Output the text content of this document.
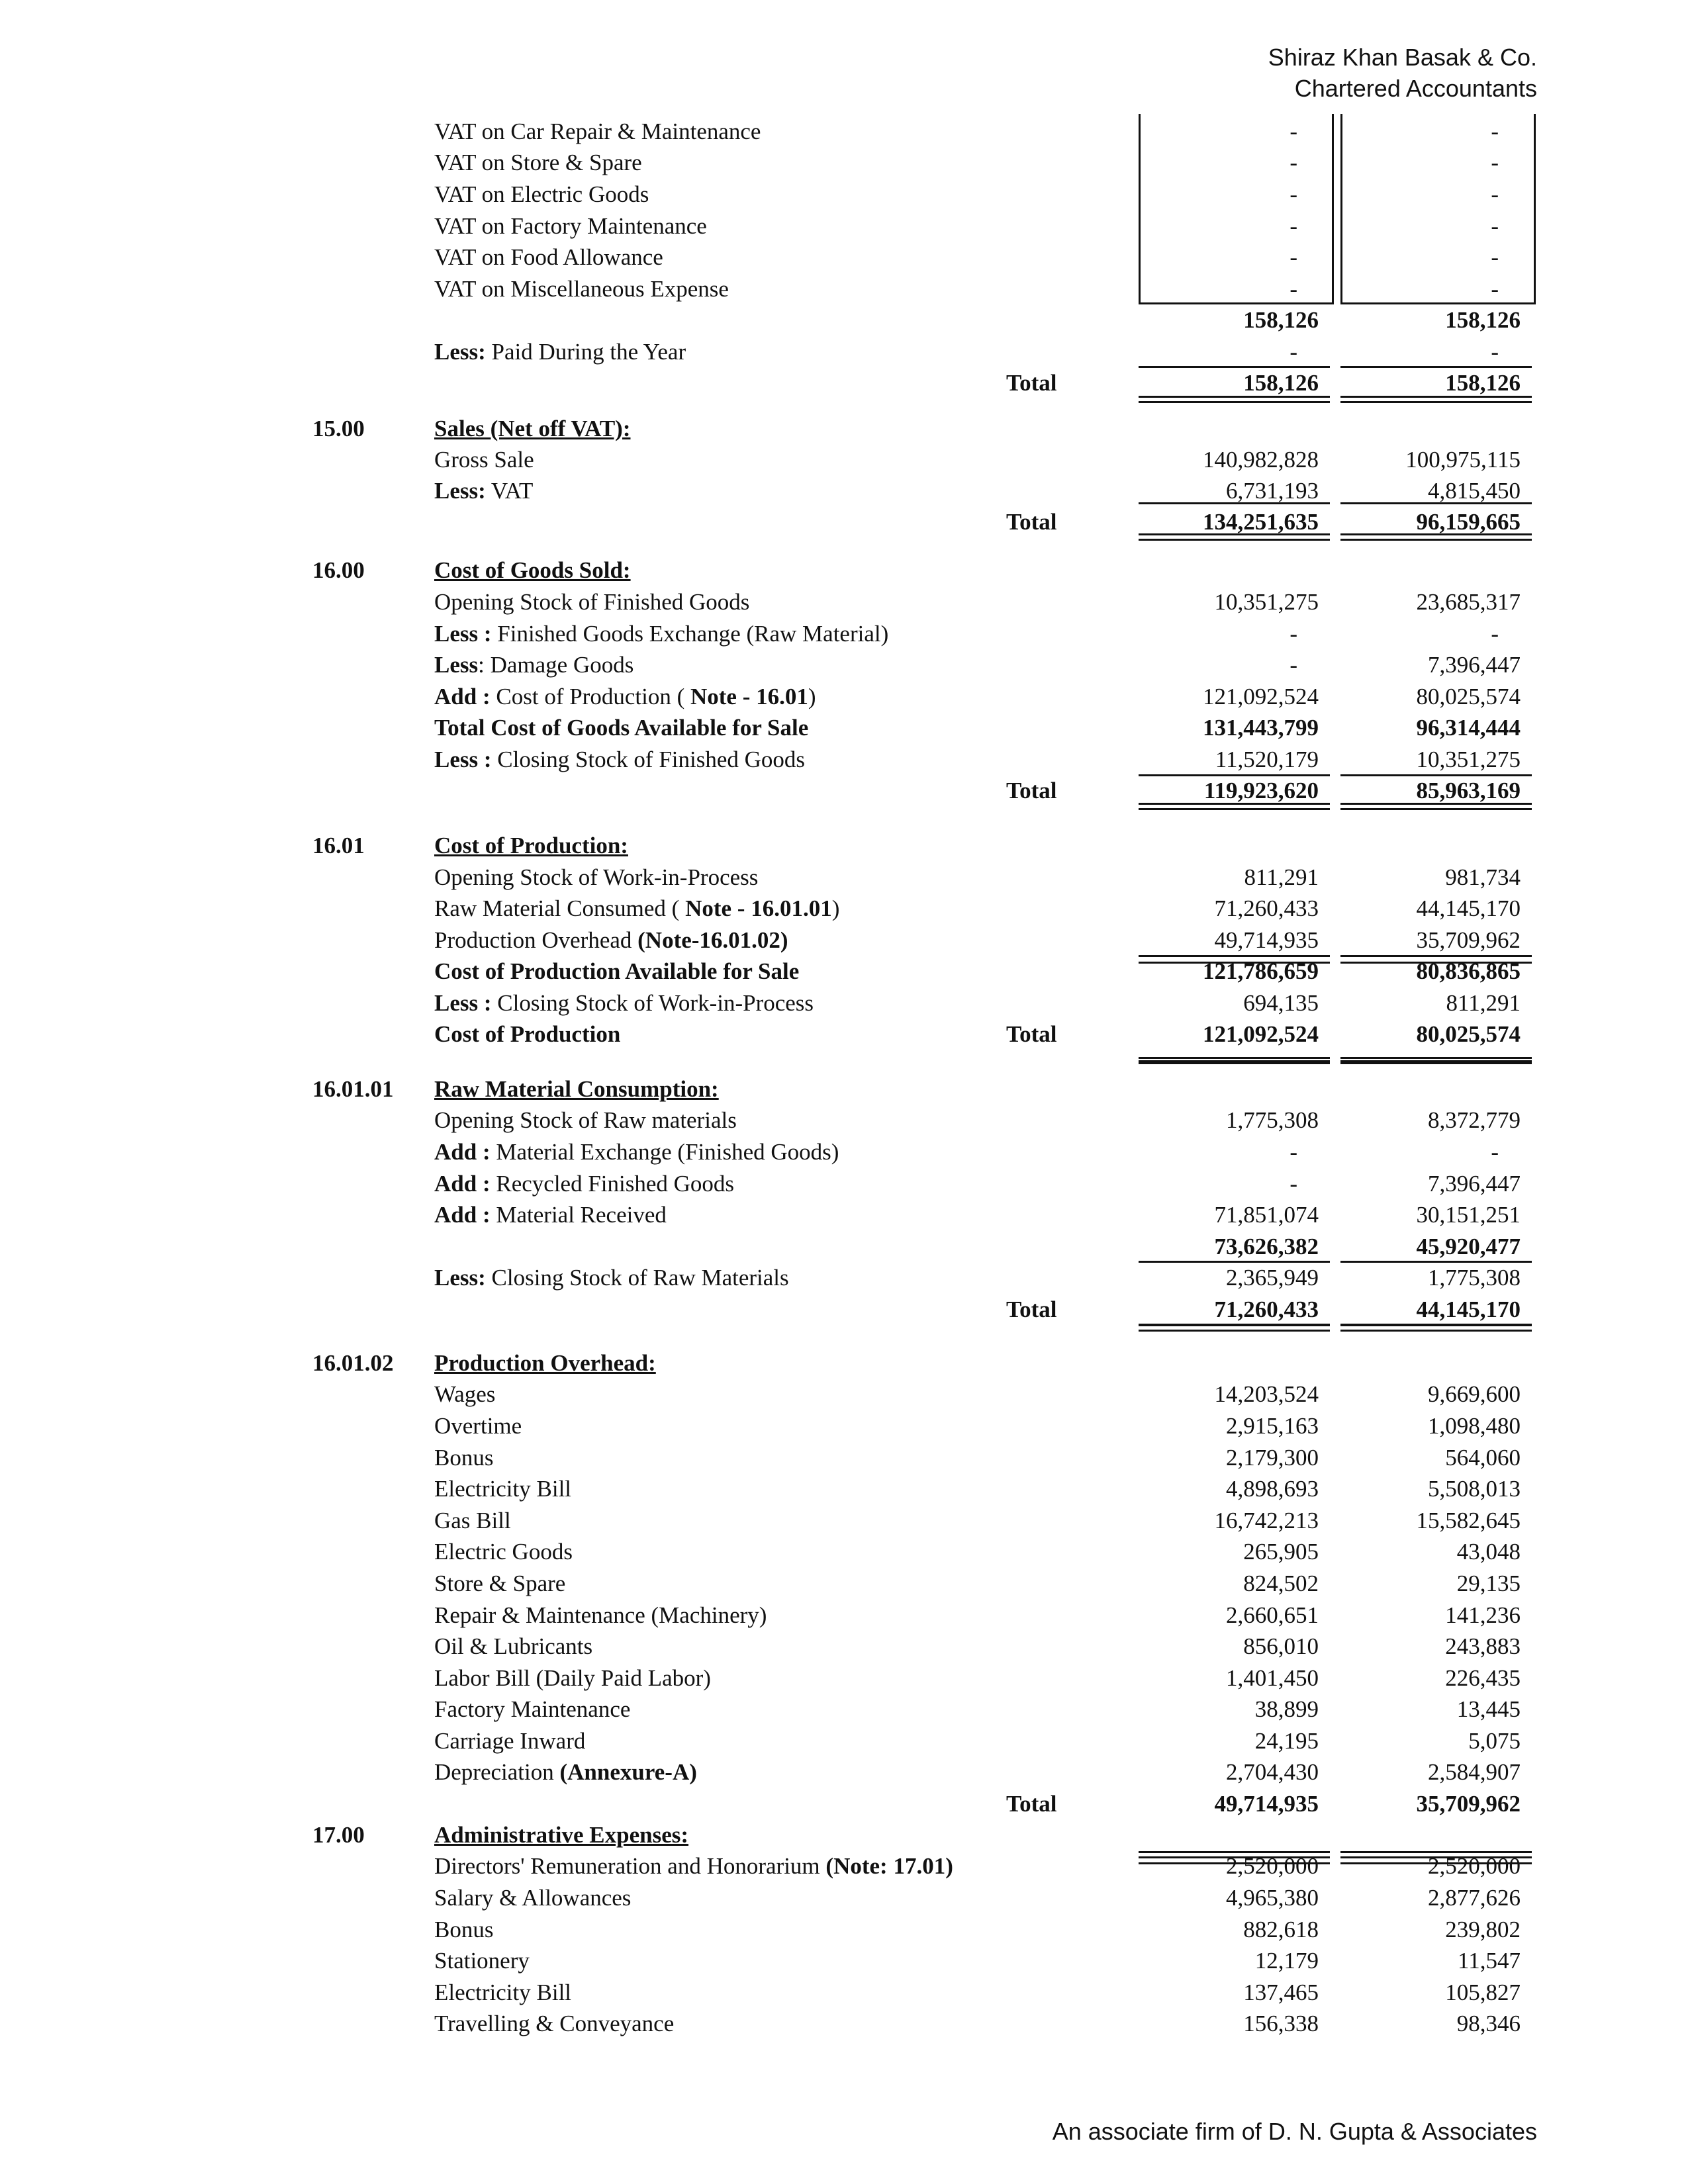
Shiraz Khan Basak & Co.
Chartered Accountants
VAT on Car Repair & Maintenance	-	-
VAT on Store & Spare	-	-
VAT on Electric Goods	-	-
VAT on Factory Maintenance	-	-
VAT on Food Allowance	-	-
VAT on Miscellaneous Expense	-	-
158,126	158,126
Less: Paid During the Year	-	-
Total	158,126	158,126
15.00	Sales (Net off VAT):
Gross Sale	140,982,828	100,975,115
Less: VAT	6,731,193	4,815,450
Total	134,251,635	96,159,665
16.00	Cost of Goods Sold:
Opening Stock of Finished Goods	10,351,275	23,685,317
Less : Finished Goods Exchange (Raw Material)	-	-
Less: Damage Goods	-	7,396,447
Add : Cost of Production ( Note - 16.01)	121,092,524	80,025,574
Total Cost of Goods Available for Sale	131,443,799	96,314,444
Less : Closing Stock of Finished Goods	11,520,179	10,351,275
Total	119,923,620	85,963,169
16.01	Cost of Production:
Opening Stock of Work-in-Process	811,291	981,734
Raw Material Consumed ( Note - 16.01.01)	71,260,433	44,145,170
Production Overhead (Note-16.01.02)	49,714,935	35,709,962
Cost of Production Available for Sale	121,786,659	80,836,865
Less : Closing Stock of Work-in-Process	694,135	811,291
Cost of Production	Total	121,092,524	80,025,574
16.01.01 Raw Material Consumption:
Opening Stock of Raw materials	1,775,308	8,372,779
Add : Material Exchange (Finished Goods)	-	-
Add : Recycled Finished Goods	-	7,396,447
Add : Material Received	71,851,074	30,151,251
73,626,382	45,920,477
Less: Closing Stock of Raw Materials	2,365,949	1,775,308
Total	71,260,433	44,145,170
16.01.02 Production Overhead:
Wages	14,203,524	9,669,600
Overtime	2,915,163	1,098,480
Bonus	2,179,300	564,060
Electricity Bill	4,898,693	5,508,013
Gas Bill	16,742,213	15,582,645
Electric Goods	265,905	43,048
Store & Spare	824,502	29,135
Repair & Maintenance (Machinery)	2,660,651	141,236
Oil & Lubricants	856,010	243,883
Labor Bill (Daily Paid Labor)	1,401,450	226,435
Factory Maintenance	38,899	13,445
Carriage Inward	24,195	5,075
Depreciation (Annexure-A)	2,704,430	2,584,907
Total	49,714,935	35,709,962
17.00	Administrative Expenses:
Directors' Remuneration and Honorarium (Note: 17.01)	2,520,000	2,520,000
Salary & Allowances	4,965,380	2,877,626
Bonus	882,618	239,802
Stationery	12,179	11,547
Electricity Bill	137,465	105,827
Travelling & Conveyance	156,338	98,346
An associate firm of D. N. Gupta & Associates
